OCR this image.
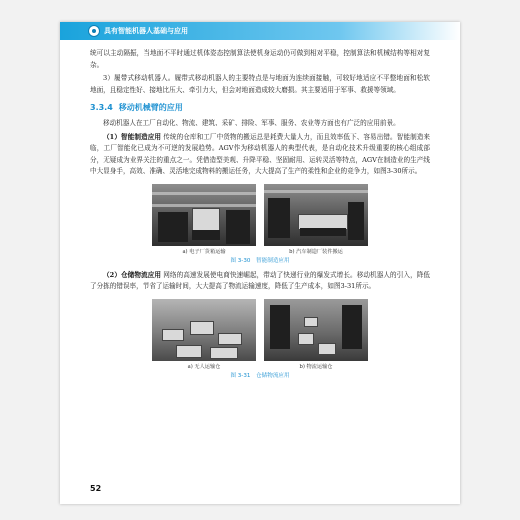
具有智能机器人基础与应用

统可以主动隔振，当地面不平时通过机体姿态控制算法使机身运动仍可做到相对平稳，控制算法和机械结构等相对复杂。

3）履带式移动机器人。履带式移动机器人的主要特点是与地面为连续面接触，可较好地适应不平整地面和松软地面，且稳定性好、接地比压大、牵引力大，但会对地面造成较大磨损。其主要适用于军事、救援等领域。

3.3.4 移动机械臂的应用

移动机器人在工厂自动化、物流、建筑、采矿、排险、军事、服务、农业等方面也有广泛的应用前景。

（1）智能制造应用 传统的仓库和工厂中货物的搬运总是耗费大量人力，而且效率低下、容易出错。智能制造来临，工厂智能化已成为不可逆的发展趋势。AGV作为移动机器人的典型代表，是自动化技术升级重要的核心组成部分，无疑成为业界关注的重点之一。凭借造型美观、升降平稳、坚固耐用、运转灵活等特点，AGV在制造业的生产线中大显身手，高效、准确、灵活地完成物料的搬运任务，大大提高了生产的柔性和企业的竞争力，如图3-30所示。

a) 电子厂货箱运输	b) 汽车制造厂装件搬运
图 3-30　智能制造应用

（2）仓储物流应用 网络的高速发展使电商快速崛起，带动了快递行业的爆发式增长。移动机器人的引入，降低了分拣的错误率，节省了运输时间，大大提高了物流运输速度，降低了生产成本，如图3-31所示。

a) 无人运输仓	b) 物流运输仓
图 3-31　仓储物流应用
52
